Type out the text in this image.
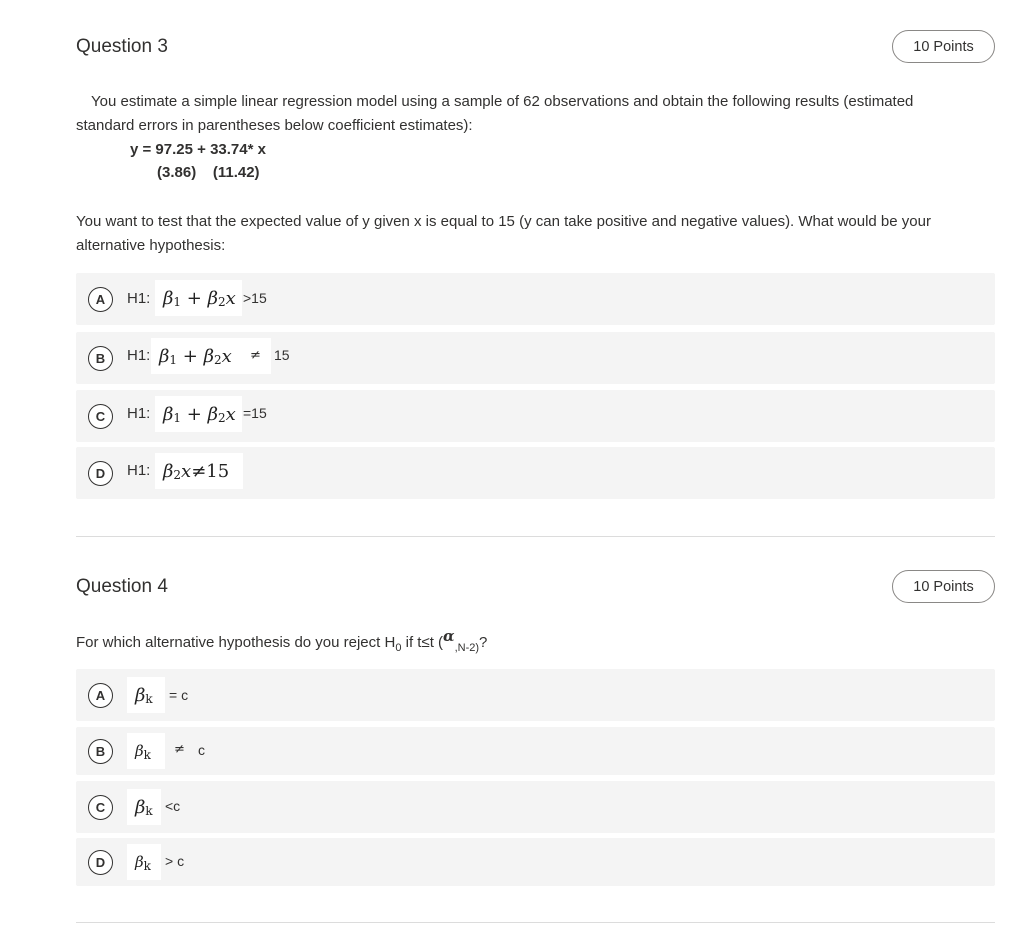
Question 3	10 Points
You estimate a simple linear regression model using a sample of 62 observations and obtain the following results (estimated
standard errors in parentheses below coefficient estimates):
y = 97.25 + 33.74* x
(3.86)    (11.42)
You want to test that the expected value of y given x is equal to 15 (y can take positive and negative values). What would be your
alternative hypothesis:
A	H1: $\beta_1 + \beta_2$ x >15
B	H1: $\beta_1 + \beta_2$ x	≠ 15
C	H1: $\beta_1 + \beta_2$ x =15
D	H1: $\beta_2$ x ≠15
Question 4	10 Points
For which alternative hypothesis do you reject $H_0$ if t≤t ($\alpha_{,N-2)}$?
A	$\beta_k = c$
B	$\beta_k \ne c$
C	$\beta_k <c$
D	$\beta_k > c$
